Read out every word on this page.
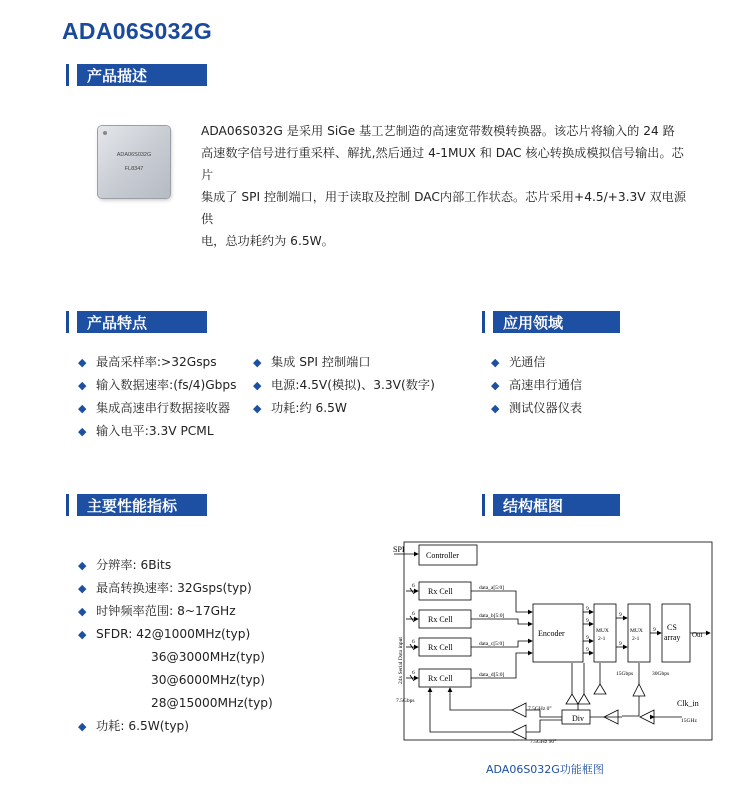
ADA06S032G
产品描述
ADA06S032G
FL8347
ADA06S032G 是采用 SiGe 基工艺制造的高速宽带数模转换器。该芯片将输入的 24 路
高速数字信号进行重采样、解扰,然后通过 4-1MUX 和 DAC 核心转换成模拟信号输出。芯片
集成了 SPI 控制端口，用于读取及控制 DAC内部工作状态。芯片采用+4.5/+3.3V 双电源供
电，总功耗约为 6.5W。
产品特点
◆ 最高采样率:>32Gsps
◆ 输入数据速率:(fs/4)Gbps
◆ 集成高速串行数据接收器
◆ 输入电平:3.3V PCML
◆ 集成 SPI 控制端口
◆ 电源:4.5V(模拟)、3.3V(数字)
◆ 功耗:约 6.5W
应用领域
◆ 光通信
◆ 高速串行通信
◆ 测试仪器仪表
主要性能指标
◆ 分辨率: 6Bits
◆ 最高转换速率: 32Gsps(typ)
◆ 时钟频率范围: 8~17GHz
◆ SFDR: 42@1000MHz(typ)
36@3000MHz(typ)
30@6000MHz(typ)
28@15000MHz(typ)
◆ 功耗: 6.5W(typ)
结构框图
SPI
Controller
Rx Cell
Rx Cell
Rx Cell
Rx Cell
Encoder
CS
array Out
Div
Clk_in
6
6
6
6
data_a[5:0]
data_b[5:0]
data_c[5:0]
data_d[5:0]
9
9
9
9
9
9
9
MUX
2-1
MUX
2-1
15Gbps	30Gbps
7.5Gbps
7.5GHz 0°
7.5GHz 90°
15GHz
24x Serial Data input
ADA06S032G功能框图
